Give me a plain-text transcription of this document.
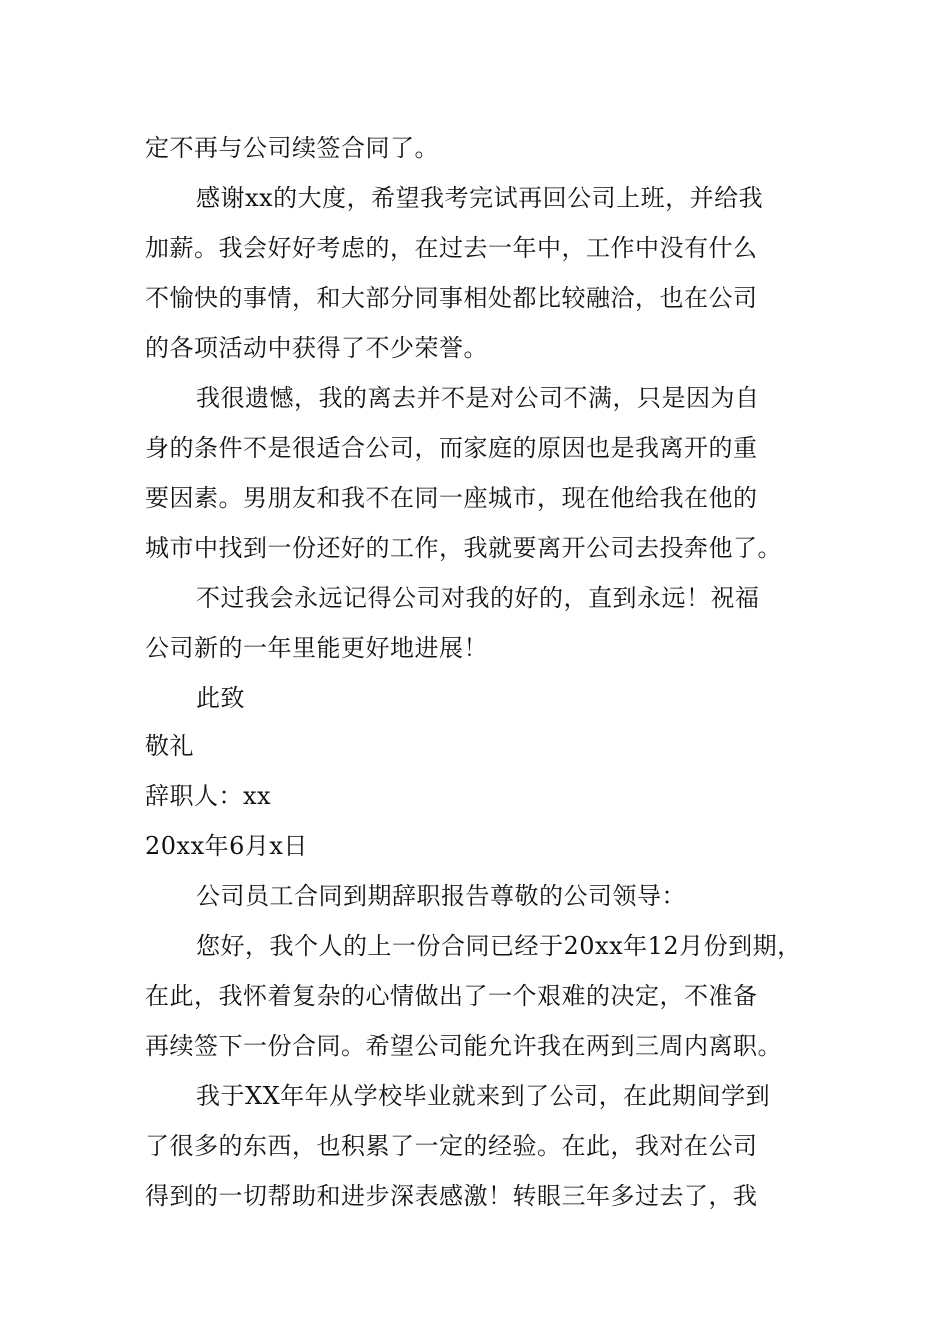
定不再与公司续签合同了。
感谢xx的大度，希望我考完试再回公司上班，并给我
加薪。我会好好考虑的，在过去一年中，工作中没有什么
不愉快的事情，和大部分同事相处都比较融洽，也在公司
的各项活动中获得了不少荣誉。
我很遗憾，我的离去并不是对公司不满，只是因为自
身的条件不是很适合公司，而家庭的原因也是我离开的重
要因素。男朋友和我不在同一座城市，现在他给我在他的
城市中找到一份还好的工作，我就要离开公司去投奔他了。
不过我会永远记得公司对我的好的，直到永远！祝福
公司新的一年里能更好地进展！
此致
敬礼
辞职人：xx
20xx年6月x日
公司员工合同到期辞职报告尊敬的公司领导：
您好，我个人的上一份合同已经于20xx年12月份到期，
在此，我怀着复杂的心情做出了一个艰难的决定，不准备
再续签下一份合同。希望公司能允许我在两到三周内离职。
我于XX年年从学校毕业就来到了公司，在此期间学到
了很多的东西，也积累了一定的经验。在此，我对在公司
得到的一切帮助和进步深表感激！转眼三年多过去了，我
